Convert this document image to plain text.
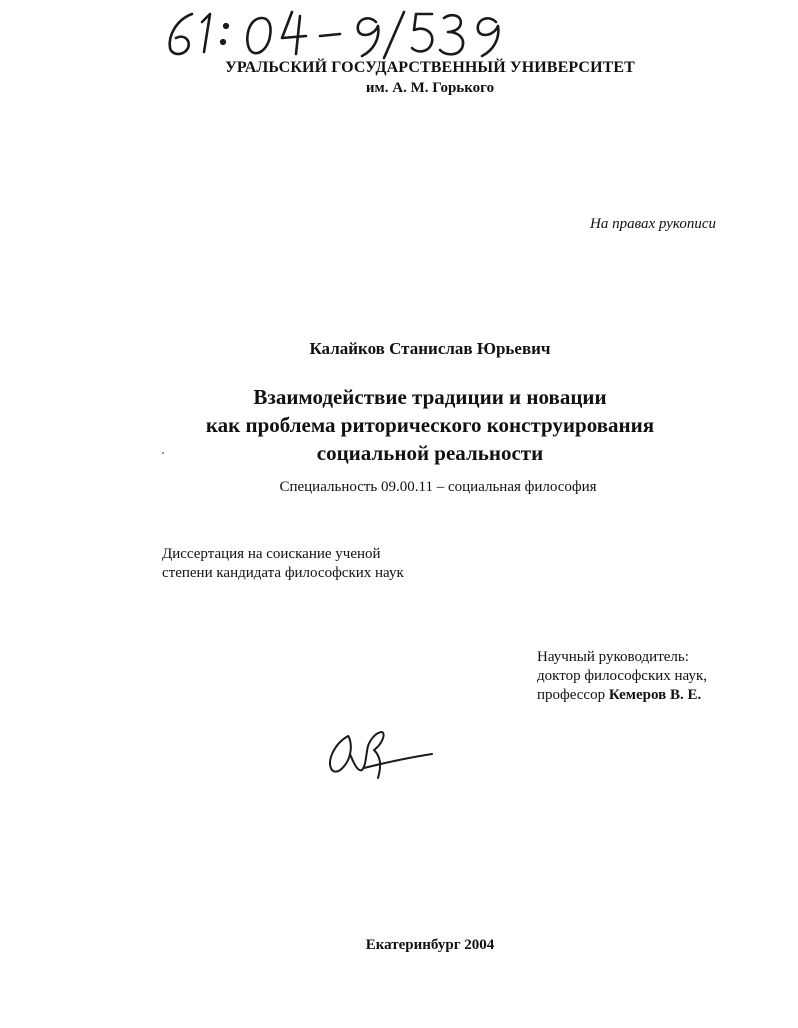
УРАЛЬСКИЙ ГОСУДАРСТВЕННЫЙ УНИВЕРСИТЕТ
им. А. М. Горького
На правах рукописи
Калайков Станислав Юрьевич
Взаимодействие традиции и новации
как проблема риторического конструирования
социальной реальности
Специальность 09.00.11 – социальная философия
Диссертация на соискание ученой
степени кандидата философских наук
Научный руководитель:
доктор философских наук,
профессор Кемеров В. Е.
Екатеринбург 2004
